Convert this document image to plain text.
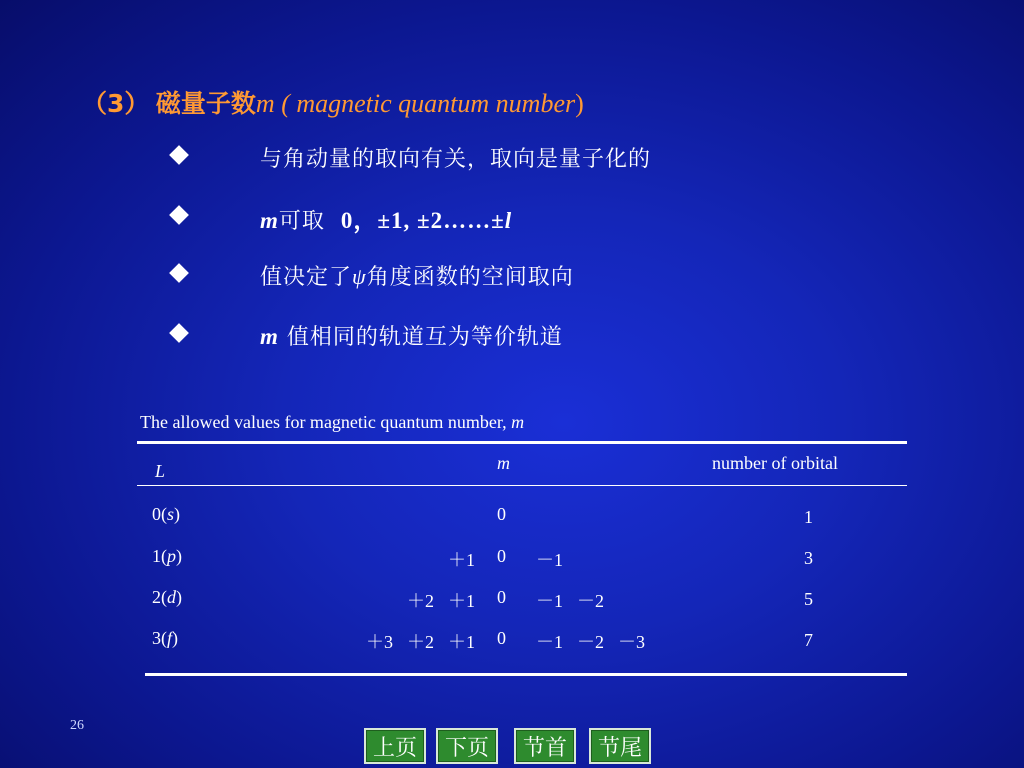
（3） 磁量子数m ( magnetic quantum number)
与角动量的取向有关，取向是量子化的
m可取 0，±1, ±2……±l
值决定了ψ角度函数的空间取向
m 值相同的轨道互为等价轨道
The allowed values for magnetic quantum number, m
L	m	number of orbital
0(s)	0	1
1(p)	＋1 0 －1	3
2(d)	＋2 ＋1 0 －1 －2	5
3(f)	＋3 ＋2 ＋1 0 －1 －2 －3	7
26
上页	下页	节首	节尾
